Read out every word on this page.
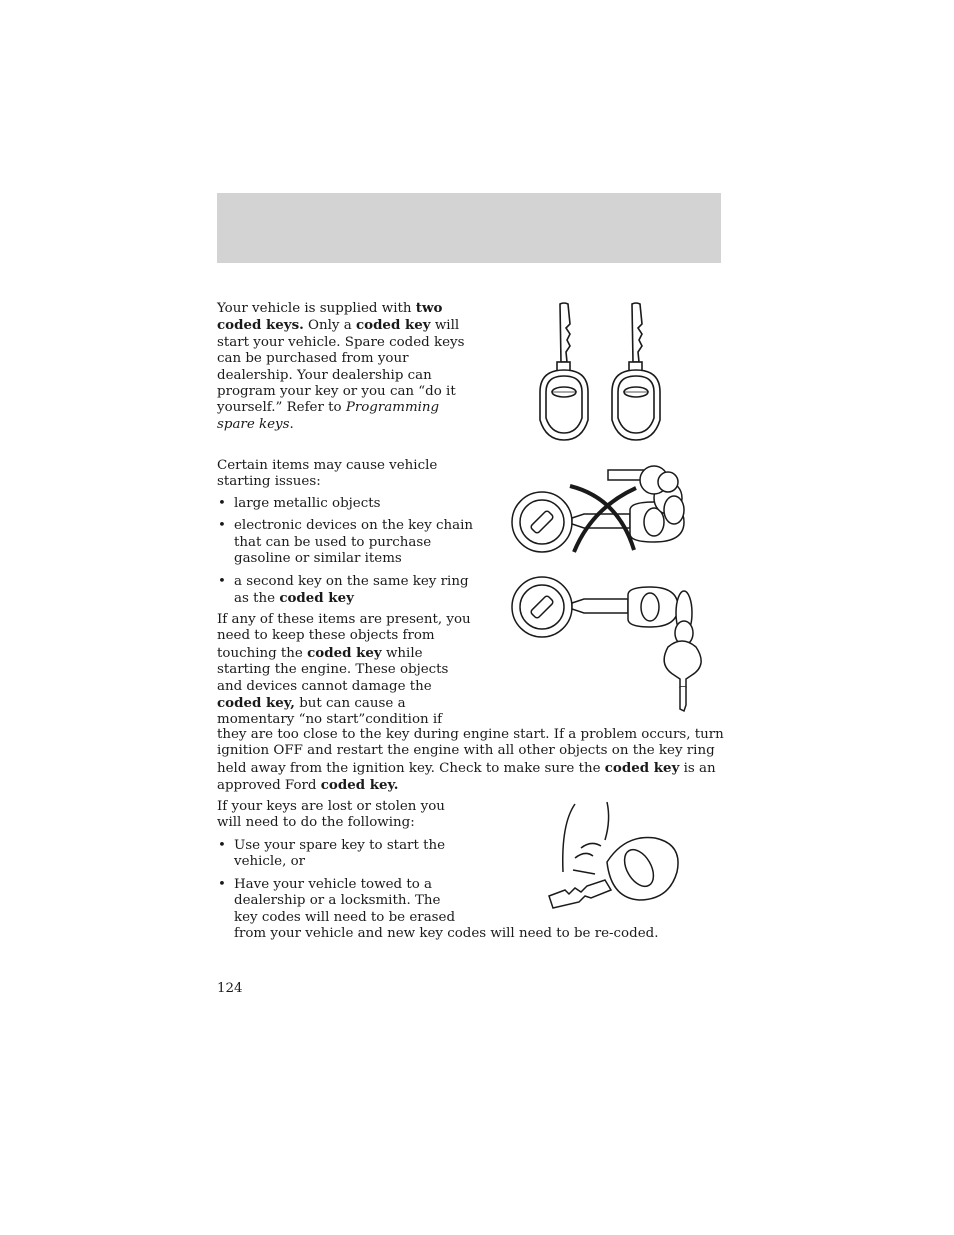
Your vehicle is supplied with two coded keys. Only a coded key will start your vehicle. Spare coded keys can be purchased from your dealership. Your dealership can program your key or you can “do it yourself.” Refer to Programming spare keys.

Certain items may cause vehicle starting issues:

• large metallic objects
• electronic devices on the key chain that can be used to purchase gasoline or similar items
• a second key on the same key ring as the coded key

If any of these items are present, you need to keep these objects from touching the coded key while starting the engine. These objects and devices cannot damage the coded key, but can cause a momentary “no start”condition if

they are too close to the key during engine start. If a problem occurs, turn ignition OFF and restart the engine with all other objects on the key ring held away from the ignition key. Check to make sure the coded key is an approved Ford coded key.

If your keys are lost or stolen you will need to do the following:

• Use your spare key to start the vehicle, or
• Have your vehicle towed to a dealership or a locksmith. The key codes will need to be erased

from your vehicle and new key codes will need to be re-coded.

124
